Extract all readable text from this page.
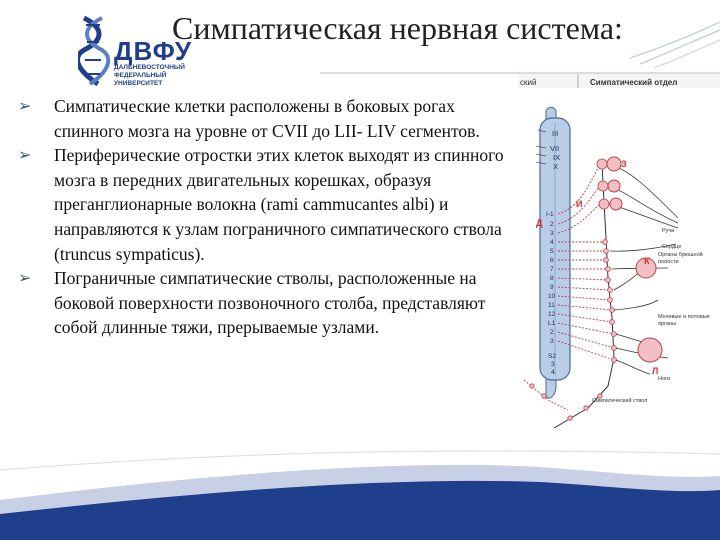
ДВФУ
ДАЛЬНЕВОСТОЧНЫЙ
ФЕДЕРАЛЬНЫЙ
УНИВЕРСИТЕТ
Симпатическая нервная система:
➢ Симпатические клетки расположены в боковых рогах спинного мозга на уровне от СVII до LII- LIV сегментов.
➢ Периферические отростки этих клеток выходят из спинного мозга в передних двигательных корешках, образуя преганглионарные волокна (rami cammucantes albi) и направляются к узлам пограничного симпатического ствола (truncus sympaticus).
➢ Пограничные симпатические стволы, расположенные на боковой поверхности позвоночного столба, представляют собой длинные тяжи, прерываемые узлами.
ский	Симпатический отдел
III
VII
IX
X
I-1
2
3
4
5
6
7
8
9
10
11
12
L1
2
3
S2
3
4
З
И
Д
К
Л
Ручи
Сердце
Органы брюшной полости
Мочевые и половые органы
Ноги
Симпатический ствол
